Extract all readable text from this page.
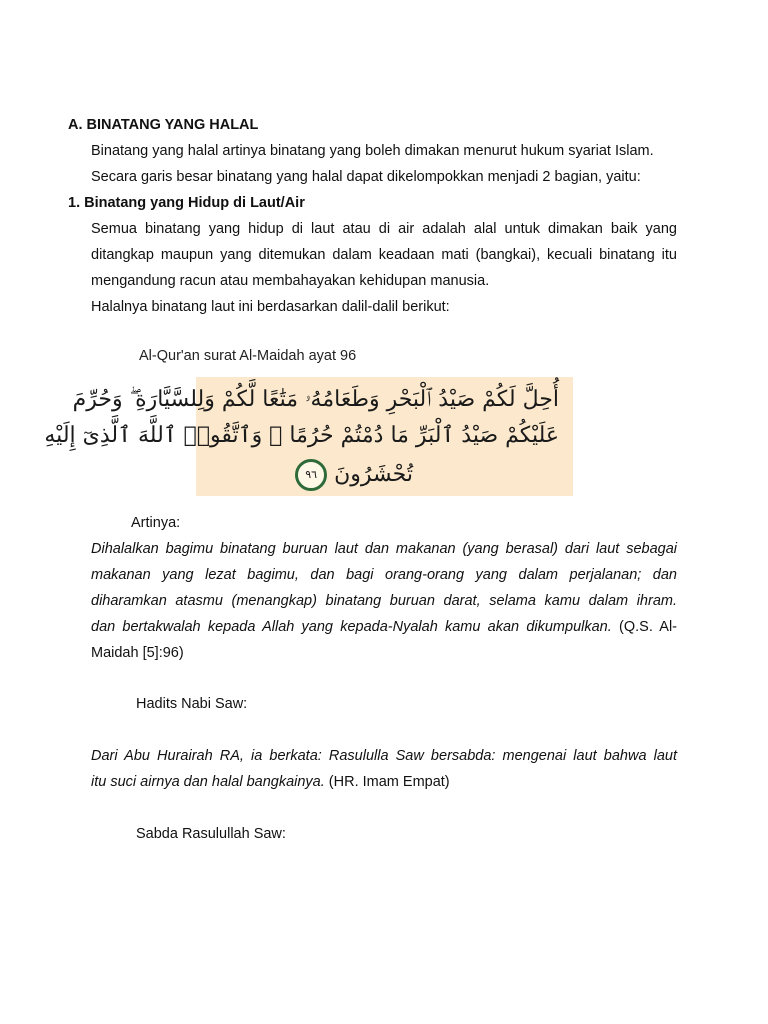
A. BINATANG YANG HALAL
Binatang yang halal artinya binatang yang boleh dimakan menurut hukum syariat Islam.
Secara garis besar binatang yang halal dapat dikelompokkan menjadi 2 bagian, yaitu:
1. Binatang yang Hidup di Laut/Air
Semua binatang yang hidup di laut atau di air adalah alal untuk dimakan baik yang
ditangkap maupun yang ditemukan dalam keadaan mati (bangkai), kecuali binatang itu
mengandung racun atau membahayakan kehidupan manusia.
Halalnya binatang laut ini berdasarkan dalil-dalil berikut:
Al-Qur'an surat Al-Maidah ayat 96
أُحِلَّ لَكُمْ صَيْدُ ٱلْبَحْرِ وَطَعَامُهُۥ مَتَٰعًا لَّكُمْ وَلِلسَّيَّارَةِ ۖ وَحُرِّمَ
عَلَيْكُمْ صَيْدُ ٱلْبَرِّ مَا دُمْتُمْ حُرُمًا ۗ وَٱتَّقُوا۟ ٱللَّهَ ٱلَّذِىٓ إِلَيْهِ
تُحْشَرُونَ ٩٦
Artinya:
Dihalalkan bagimu binatang buruan laut dan makanan (yang berasal) dari laut sebagai
makanan yang lezat bagimu, dan bagi orang-orang yang dalam perjalanan; dan
diharamkan atasmu (menangkap) binatang buruan darat, selama kamu dalam ihram.
dan bertakwalah kepada Allah yang kepada-Nyalah kamu akan dikumpulkan. (Q.S. Al-
Maidah [5]:96)
Hadits Nabi Saw:
Dari Abu Hurairah RA, ia berkata: Rasululla Saw bersabda: mengenai laut bahwa laut
itu suci airnya dan halal bangkainya. (HR. Imam Empat)
Sabda Rasulullah Saw:
